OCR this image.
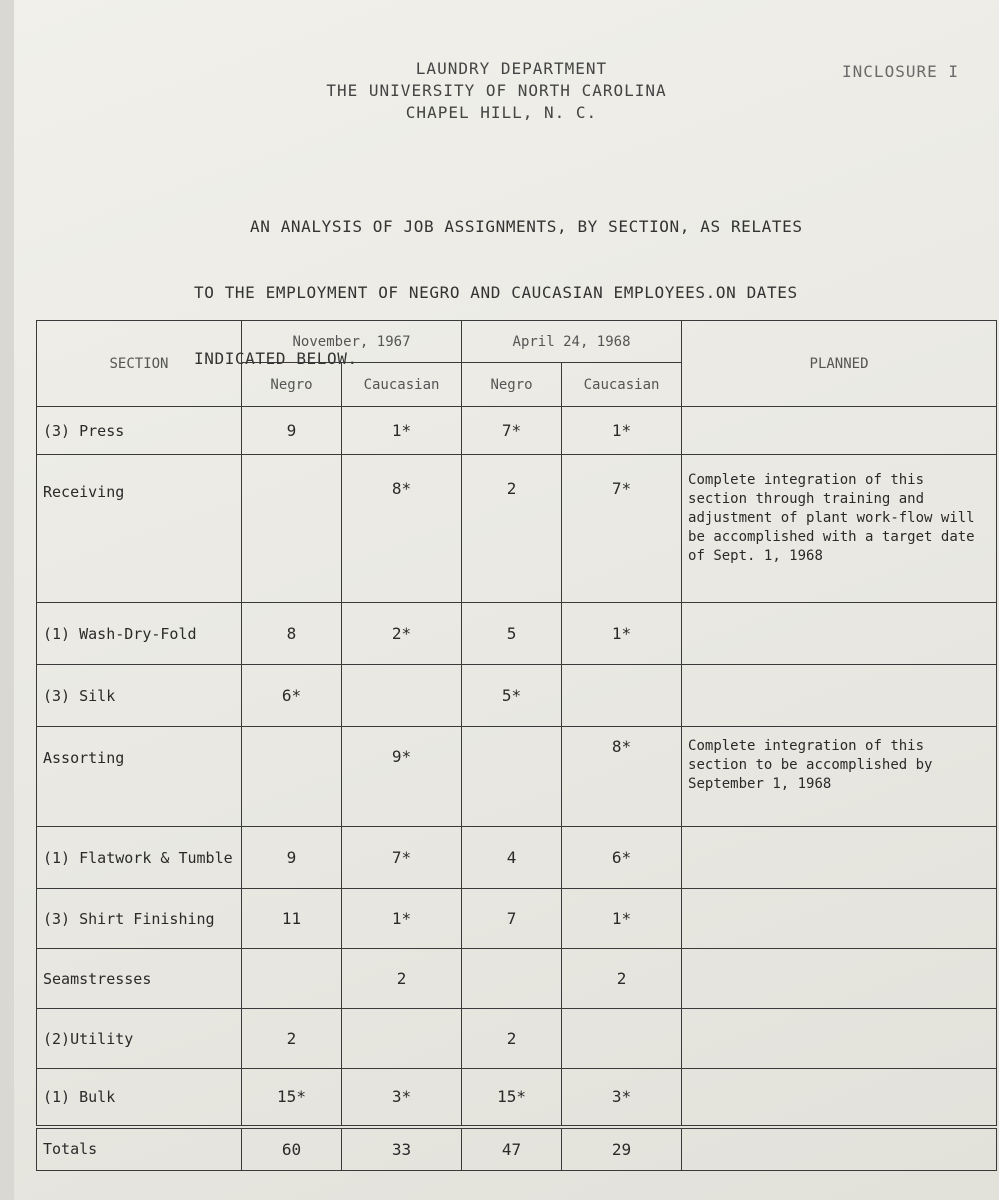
LAUNDRY DEPARTMENT
THE UNIVERSITY OF NORTH CAROLINA
CHAPEL HILL, N. C.
INCLOSURE I

AN ANALYSIS OF JOB ASSIGNMENTS, BY SECTION, AS RELATES

TO THE EMPLOYMENT OF NEGRO AND CAUCASIAN EMPLOYEES.ON DATES

INDICATED BELOW.

SECTION	November, 1967		April 24, 1968		PLANNED
	Negro	Caucasian	Negro	Caucasian	
(3) Press	9	1*	7*	1*	
Receiving		8*	2	7*	Complete integration of this section through training and adjustment of plant work-flow will be accomplished with a target date of Sept. 1, 1968
(1) Wash-Dry-Fold	8	2*	5	1*	
(3) Silk	6*		5*		
Assorting		9*		8*	Complete integration of this section to be accomplished by September 1, 1968
(1) Flatwork & Tumble	9	7*	4	6*	
(3) Shirt Finishing	11	1*	7	1*	
Seamstresses		2		2	
(2)Utility	2		2		
(1) Bulk	15*	3*	15*	3*	
Totals	60	33	47	29	
